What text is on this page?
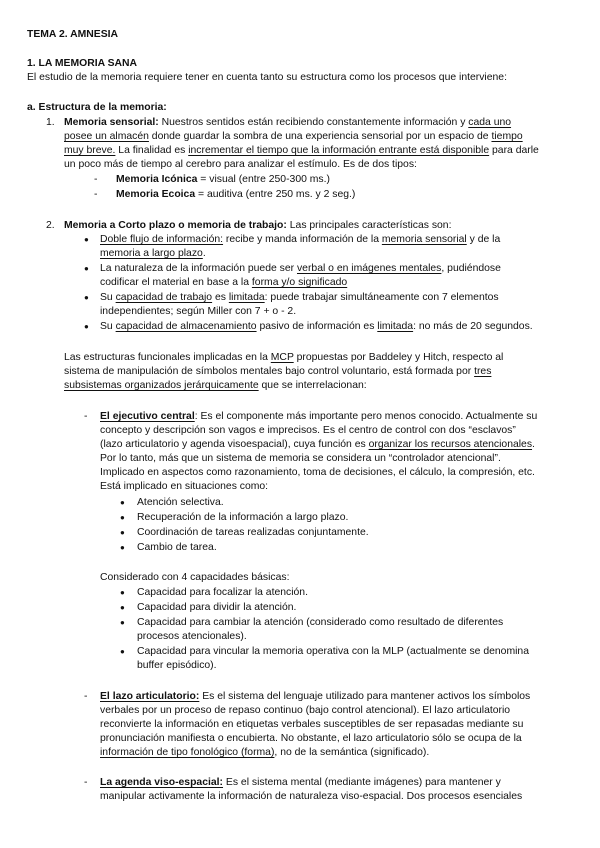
TEMA 2. AMNESIA
1. LA MEMORIA SANA
El estudio de la memoria requiere tener en cuenta tanto su estructura como los procesos que interviene:
a. Estructura de la memoria:
1. Memoria sensorial: Nuestros sentidos están recibiendo constantemente información y cada uno
posee un almacén donde guardar la sombra de una experiencia sensorial por un espacio de tiempo
muy breve. La finalidad es incrementar el tiempo que la información entrante está disponible para darle
un poco más de tiempo al cerebro para analizar el estímulo. Es de dos tipos:
- Memoria Icónica = visual (entre 250-300 ms.)
- Memoria Ecoica = auditiva (entre 250 ms. y 2 seg.)
2. Memoria a Corto plazo o memoria de trabajo: Las principales características son:
● Doble flujo de información: recibe y manda información de la memoria sensorial y de la
memoria a largo plazo.
● La naturaleza de la información puede ser verbal o en imágenes mentales, pudiéndose
codificar el material en base a la forma y/o significado
● Su capacidad de trabajo es limitada: puede trabajar simultáneamente con 7 elementos
independientes; según Miller con 7 + o - 2.
● Su capacidad de almacenamiento pasivo de información es limitada: no más de 20 segundos.
Las estructuras funcionales implicadas en la MCP propuestas por Baddeley y Hitch, respecto al
sistema de manipulación de símbolos mentales bajo control voluntario, está formada por tres
subsistemas organizados jerárquicamente que se interrelacionan:
- El ejecutivo central: Es el componente más importante pero menos conocido. Actualmente su
concepto y descripción son vagos e imprecisos. Es el centro de control con dos “esclavos”
(lazo articulatorio y agenda visoespacial), cuya función es organizar los recursos atencionales.
Por lo tanto, más que un sistema de memoria se considera un “controlador atencional”.
Implicado en aspectos como razonamiento, toma de decisiones, el cálculo, la compresión, etc.
Está implicado en situaciones como:
● Atención selectiva.
● Recuperación de la información a largo plazo.
● Coordinación de tareas realizadas conjuntamente.
● Cambio de tarea.
Considerado con 4 capacidades básicas:
● Capacidad para focalizar la atención.
● Capacidad para dividir la atención.
● Capacidad para cambiar la atención (considerado como resultado de diferentes
procesos atencionales).
● Capacidad para vincular la memoria operativa con la MLP (actualmente se denomina
buffer episódico).
- El lazo articulatorio: Es el sistema del lenguaje utilizado para mantener activos los símbolos
verbales por un proceso de repaso continuo (bajo control atencional). El lazo articulatorio
reconvierte la información en etiquetas verbales susceptibles de ser repasadas mediante su
pronunciación manifiesta o encubierta. No obstante, el lazo articulatorio sólo se ocupa de la
información de tipo fonológico (forma), no de la semántica (significado).
- La agenda viso-espacial: Es el sistema mental (mediante imágenes) para mantener y
manipular activamente la información de naturaleza viso-espacial. Dos procesos esenciales
